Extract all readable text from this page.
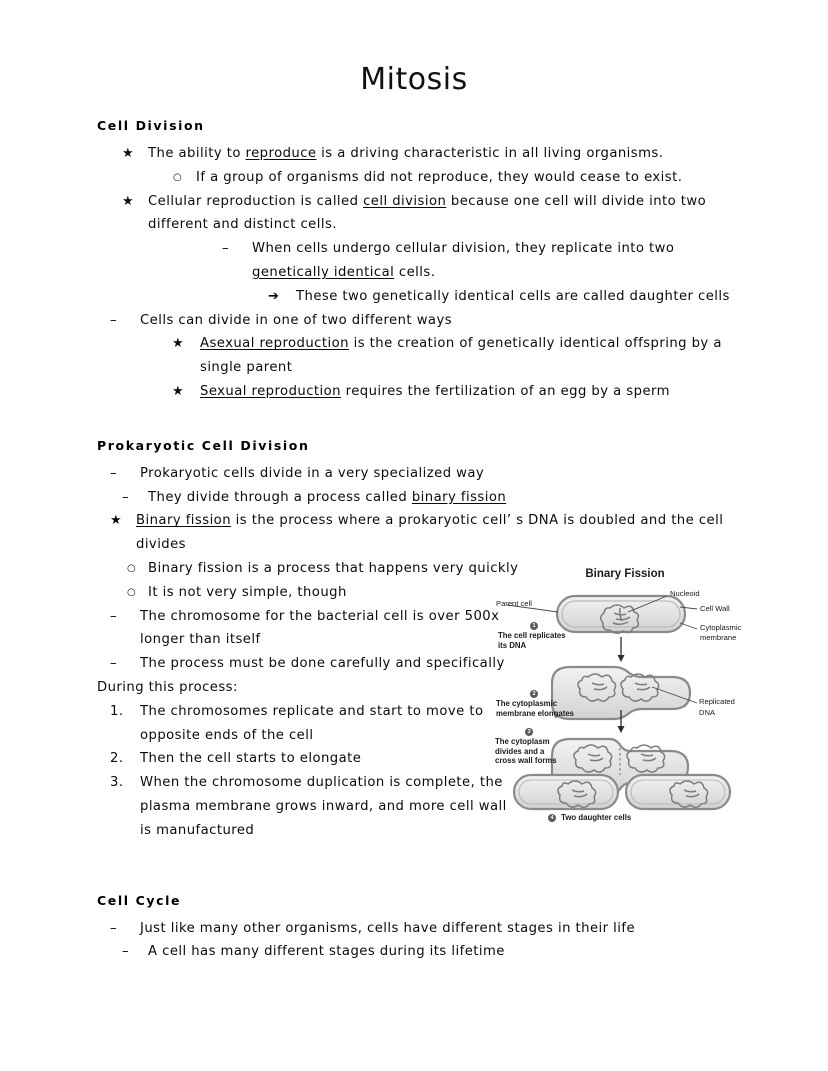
Mitosis
Cell Division
★	The ability to reproduce is a driving characteristic in all living organisms.
○	If a group of organisms did not reproduce, they would cease to exist.
★	Cellular reproduction is called cell division because one cell will divide into two different and distinct cells.
–	When cells undergo cellular division, they replicate into two genetically identical cells.
➔	These two genetically identical cells are called daughter cells
–	Cells can divide in one of two different ways
★	Asexual reproduction is the creation of genetically identical offspring by a single parent
★	Sexual reproduction requires the fertilization of an egg by a sperm
Prokaryotic Cell Division
–	Prokaryotic cells divide in a very specialized way
–	They divide through a process called binary fission
★	Binary fission is the process where a prokaryotic cell’ s DNA is doubled and the cell divides
○ Binary fission is a process that happens very quickly
○ It is not very simple, though
–	The chromosome for the bacterial cell is over 500x longer than itself
–	The process must be done carefully and specifically
During this process:
1.	The chromosomes replicate and start to move to opposite ends of the cell
2.	Then the cell starts to elongate
3.	When the chromosome duplication is complete, the plasma membrane grows inward, and more cell wall is manufactured
Cell Cycle
–	Just like many other organisms, cells have different stages in their life
–	A cell has many different stages during its lifetime
Binary Fission
Parent cell
Nucleoid
Cell Wall
Cytoplasmic
membrane
Replicated
DNA
1
The cell replicates
its DNA
2
The cytoplasmic
membrane elongates
3
The cytoplasm
divides and a
cross wall forms
4 Two daughter cells
